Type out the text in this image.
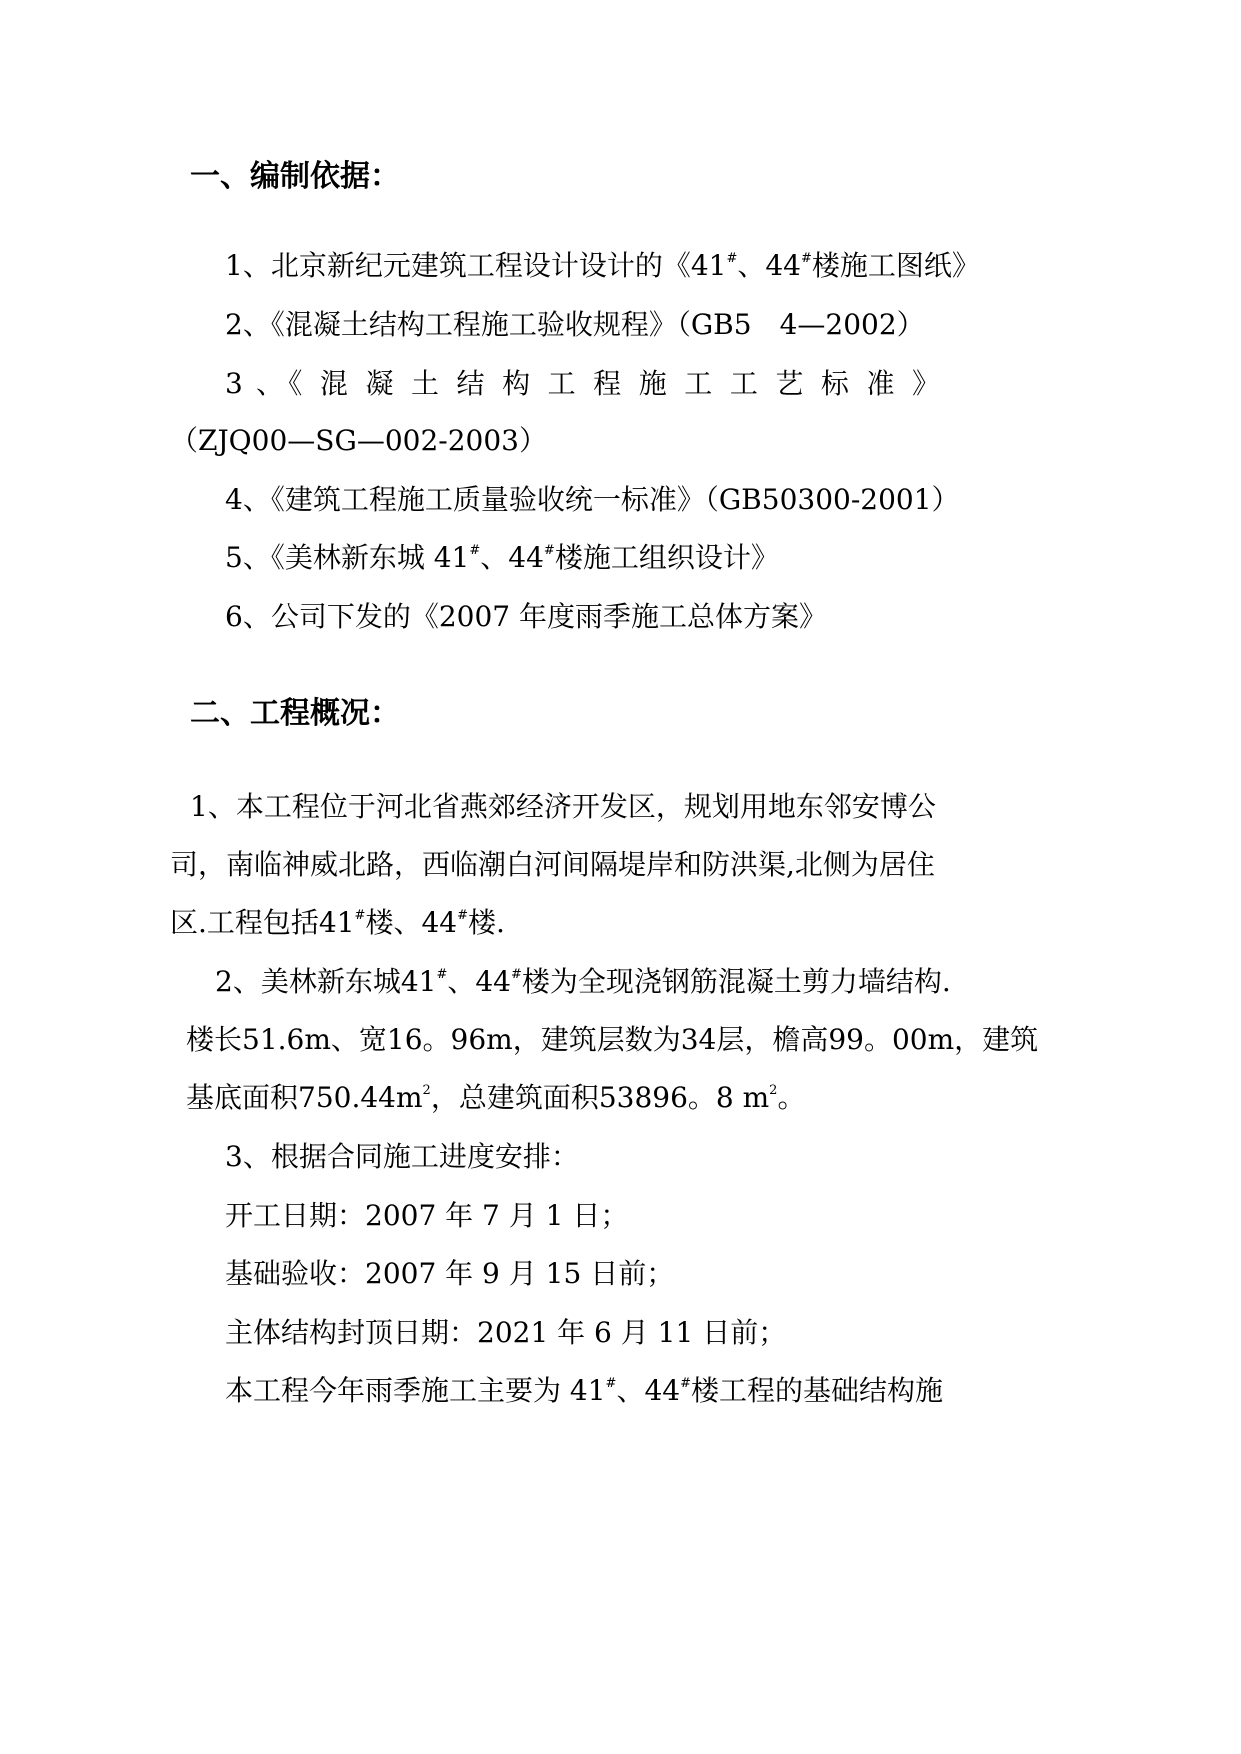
一、编制依据：
1、北京新纪元建筑工程设计设计的《41#、44#楼施工图纸》
2、《混凝土结构工程施工验收规程》（GB5　4—2002）
3 、《 混 凝 土 结 构 工 程 施 工 工 艺 标 准 》
（ZJQ00—SG—002-2003）
4、《建筑工程施工质量验收统一标准》（GB50300-2001）
5、《美林新东城 41#、44#楼施工组织设计》
6、公司下发的《2007 年度雨季施工总体方案》
二、工程概况：
1、本工程位于河北省燕郊经济开发区，规划用地东邻安博公
司，南临神威北路，西临潮白河间隔堤岸和防洪渠,北侧为居住
区.工程包括41#楼、44#楼.
2、美林新东城41#、44#楼为全现浇钢筋混凝土剪力墙结构.
楼长51.6m、宽16。96m，建筑层数为34层，檐高99。00m，建筑
基底面积$750.44m^2$，总建筑面积53896。8 $m^2$。
3、根据合同施工进度安排：
开工日期：2007 年 7 月 1 日；
基础验收：2007 年 9 月 15 日前；
主体结构封顶日期：2021 年 6 月 11 日前；
本工程今年雨季施工主要为 41#、44#楼工程的基础结构施
